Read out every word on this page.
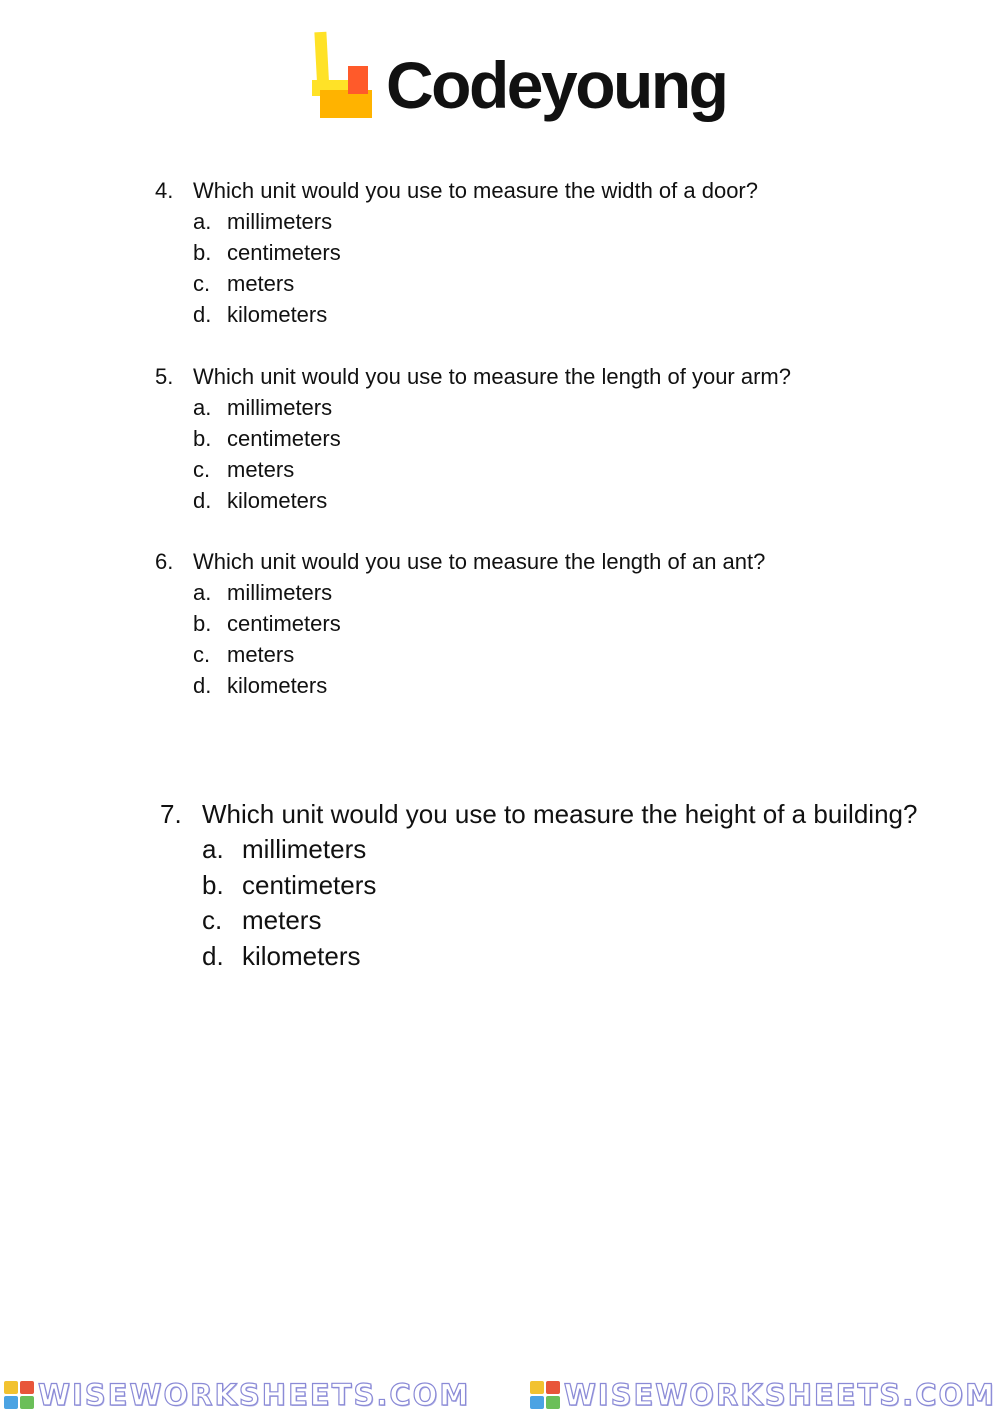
Codeyoung
4. Which unit would you use to measure the width of a door?
a. millimeters
b. centimeters
c. meters
d. kilometers
5. Which unit would you use to measure the length of your arm?
a. millimeters
b. centimeters
c. meters
d. kilometers
6. Which unit would you use to measure the length of an ant?
a. millimeters
b. centimeters
c. meters
d. kilometers
7. Which unit would you use to measure the height of a building?
a. millimeters
b. centimeters
c. meters
d. kilometers
WISEWORKSHEETS.COM	WISEWORKSHEETS.COM
